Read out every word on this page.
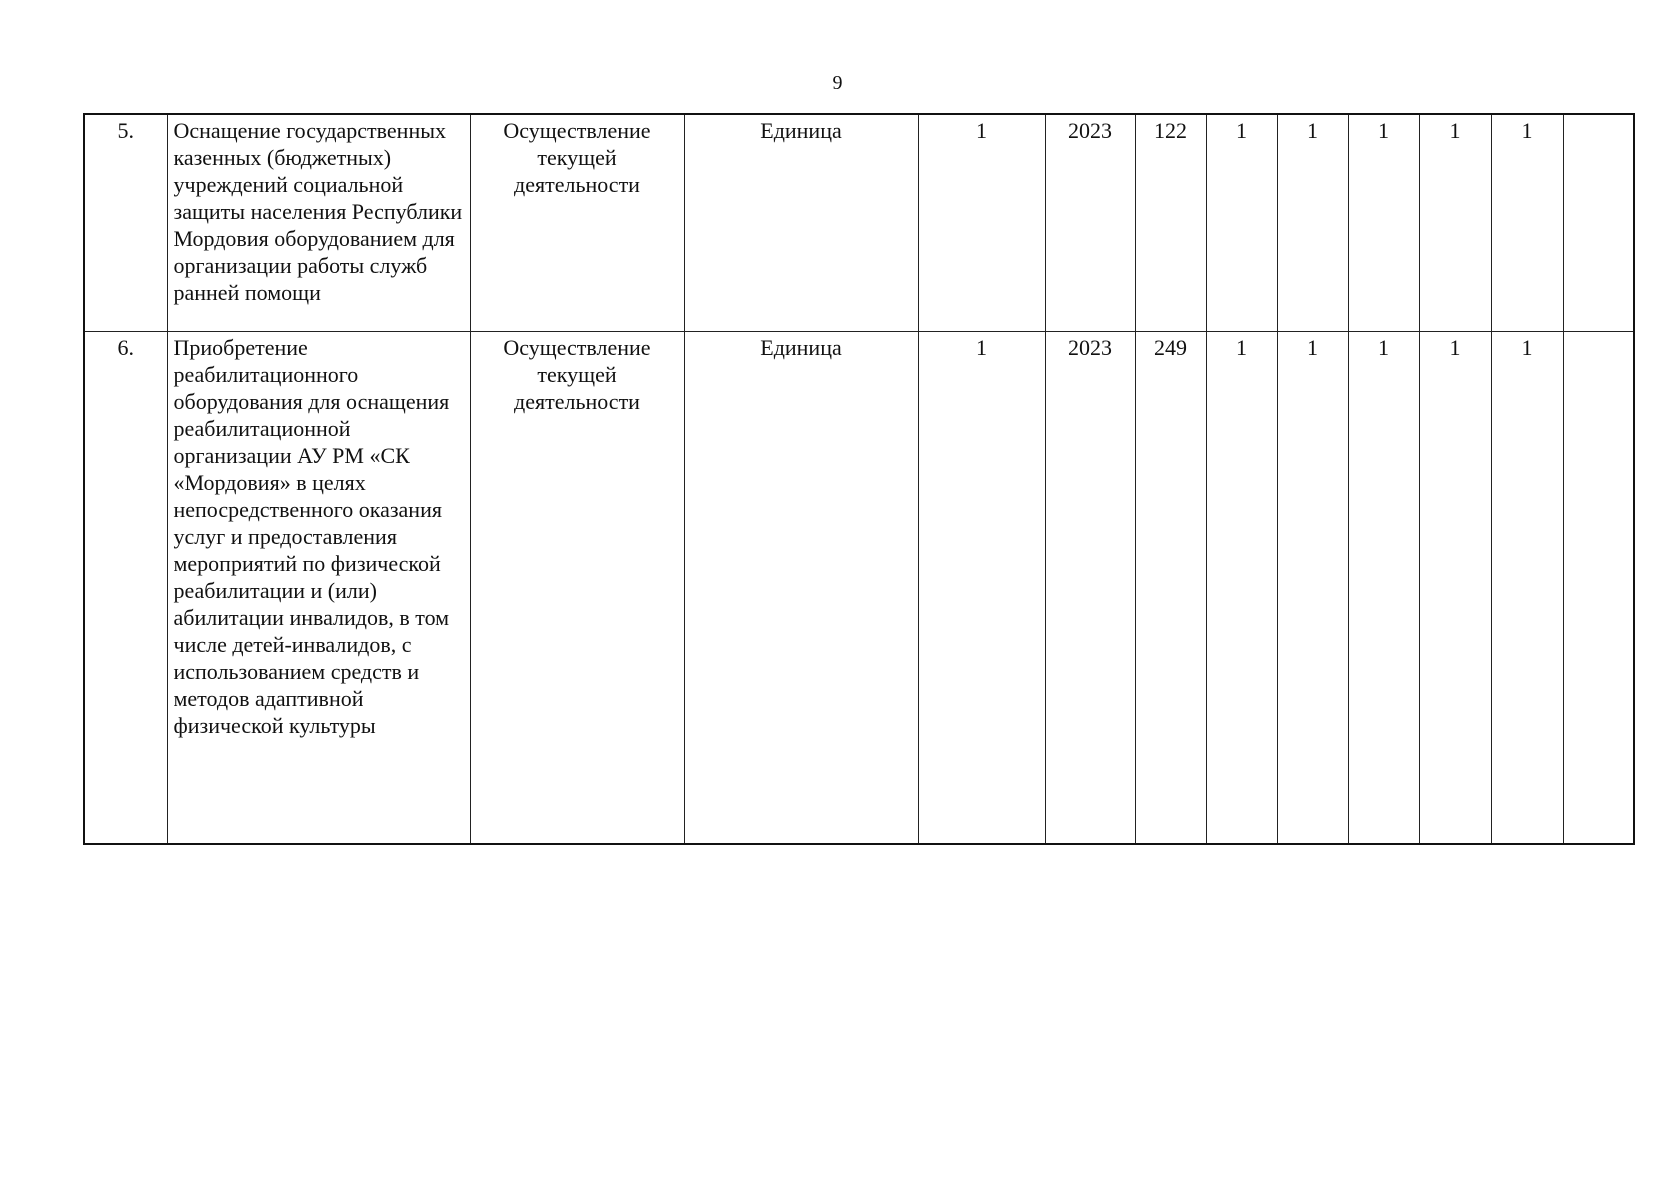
9
5.	Оснащение государственных казенных (бюджетных) учреждений социальной защиты населения Республики Мордовия оборудованием для организации работы служб ранней помощи	Осуществление текущей деятельности	Единица	1	2023	122	1	1	1	1	1	
6.	Приобретение реабилитационного оборудования для оснащения реабилитационной организации АУ РМ «СК «Мордовия» в целях непосредственного оказания услуг и предоставления мероприятий по физической реабилитации и (или) абилитации инвалидов, в том числе детей-инвалидов, с использованием средств и методов адаптивной физической культуры	Осуществление текущей деятельности	Единица	1	2023	249	1	1	1	1	1	
